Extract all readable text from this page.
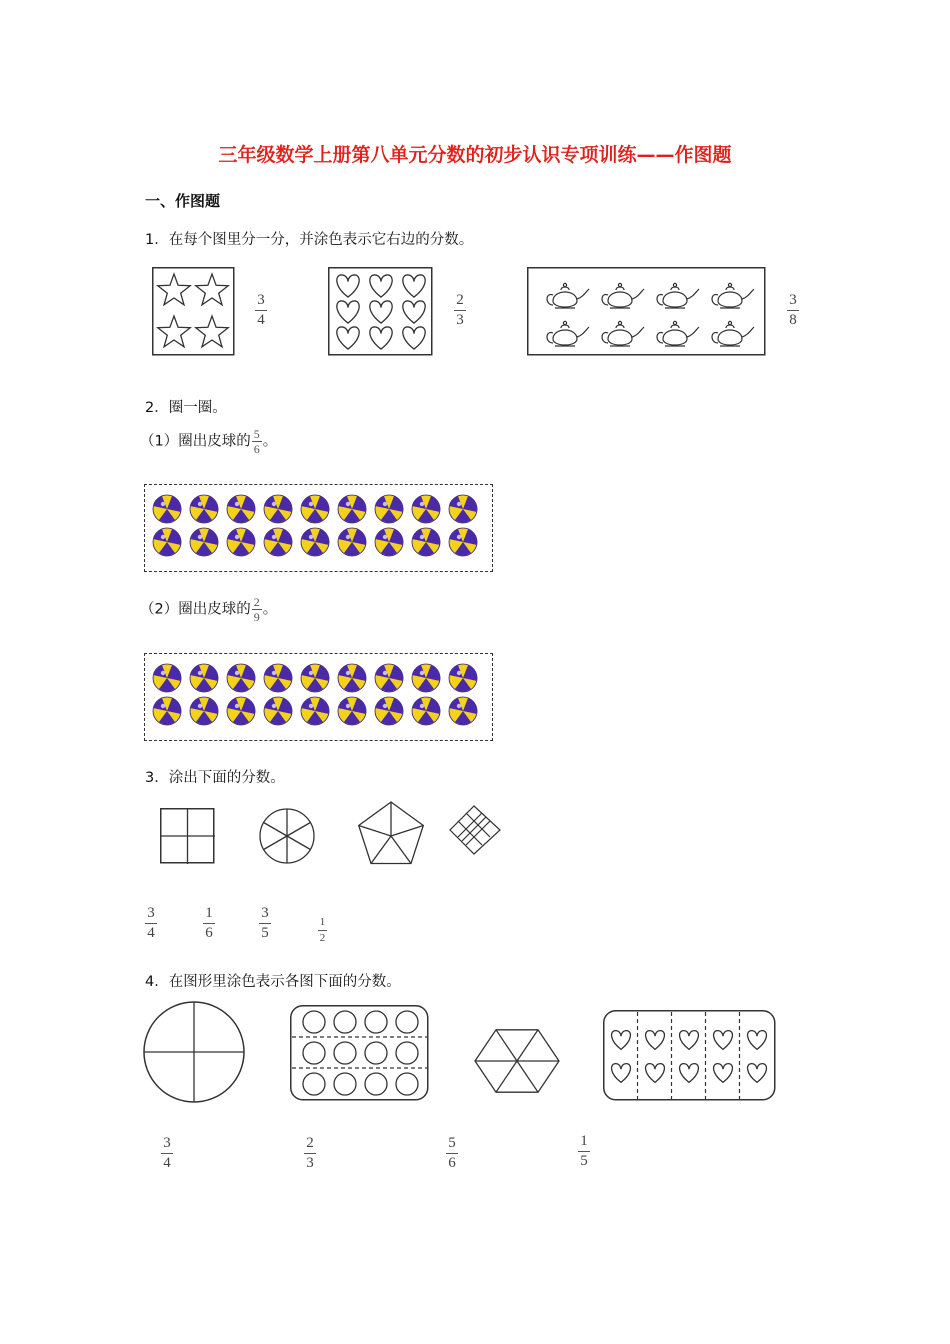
三年级数学上册第八单元分数的初步认识专项训练——作图题
一、作图题
1．在每个图里分一分，并涂色表示它右边的分数。
3
4
2
3
3
8
2．圈一圈。
（1）圈出皮球的 $\frac{5}{6}$ 。
（2）圈出皮球的 $\frac{2}{9}$ 。
3．涂出下面的分数。
3
4
1
6
3
5
1
2
4．在图形里涂色表示各图下面的分数。
3
4
2
3
5
6
1
5
